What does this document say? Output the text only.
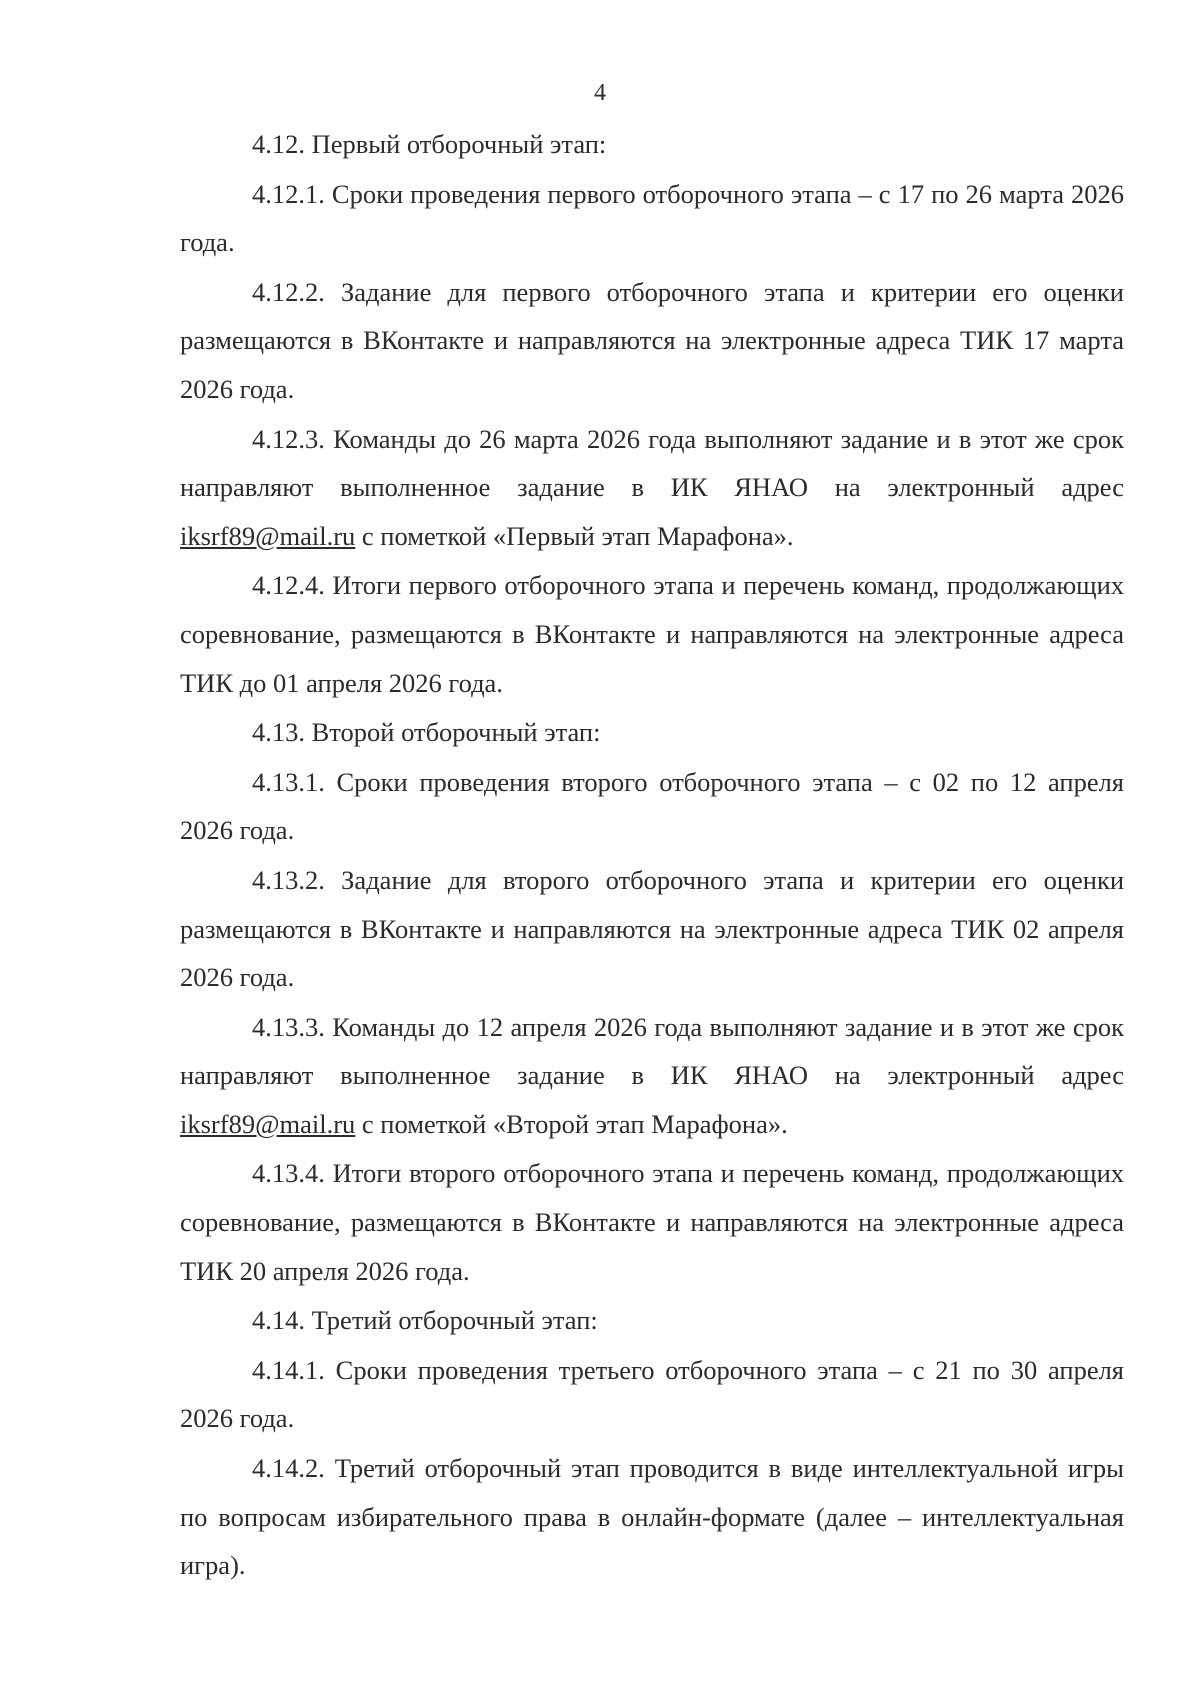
4

4.12. Первый отборочный этап:

4.12.1. Сроки проведения первого отборочного этапа – с 17 по 26 марта 2026 года.

4.12.2. Задание для первого отборочного этапа и критерии его оценки размещаются в ВКонтакте и направляются на электронные адреса ТИК 17 марта 2026 года.

4.12.3. Команды до 26 марта 2026 года выполняют задание и в этот же срок направляют выполненное задание в ИК ЯНАО на электронный адрес iksrf89@mail.ru с пометкой «Первый этап Марафона».

4.12.4. Итоги первого отборочного этапа и перечень команд, продолжающих соревнование, размещаются в ВКонтакте и направляются на электронные адреса ТИК до 01 апреля 2026 года.

4.13. Второй отборочный этап:

4.13.1. Сроки проведения второго отборочного этапа – с 02 по 12 апреля 2026 года.

4.13.2. Задание для второго отборочного этапа и критерии его оценки размещаются в ВКонтакте и направляются на электронные адреса ТИК 02 апреля 2026 года.

4.13.3. Команды до 12 апреля 2026 года выполняют задание и в этот же срок направляют выполненное задание в ИК ЯНАО на электронный адрес iksrf89@mail.ru с пометкой «Второй этап Марафона».

4.13.4. Итоги второго отборочного этапа и перечень команд, продолжающих соревнование, размещаются в ВКонтакте и направляются на электронные адреса ТИК 20 апреля 2026 года.

4.14. Третий отборочный этап:

4.14.1. Сроки проведения третьего отборочного этапа – с 21 по 30 апреля 2026 года.

4.14.2. Третий отборочный этап проводится в виде интеллектуальной игры по вопросам избирательного права в онлайн-формате (далее – интеллектуальная игра).
